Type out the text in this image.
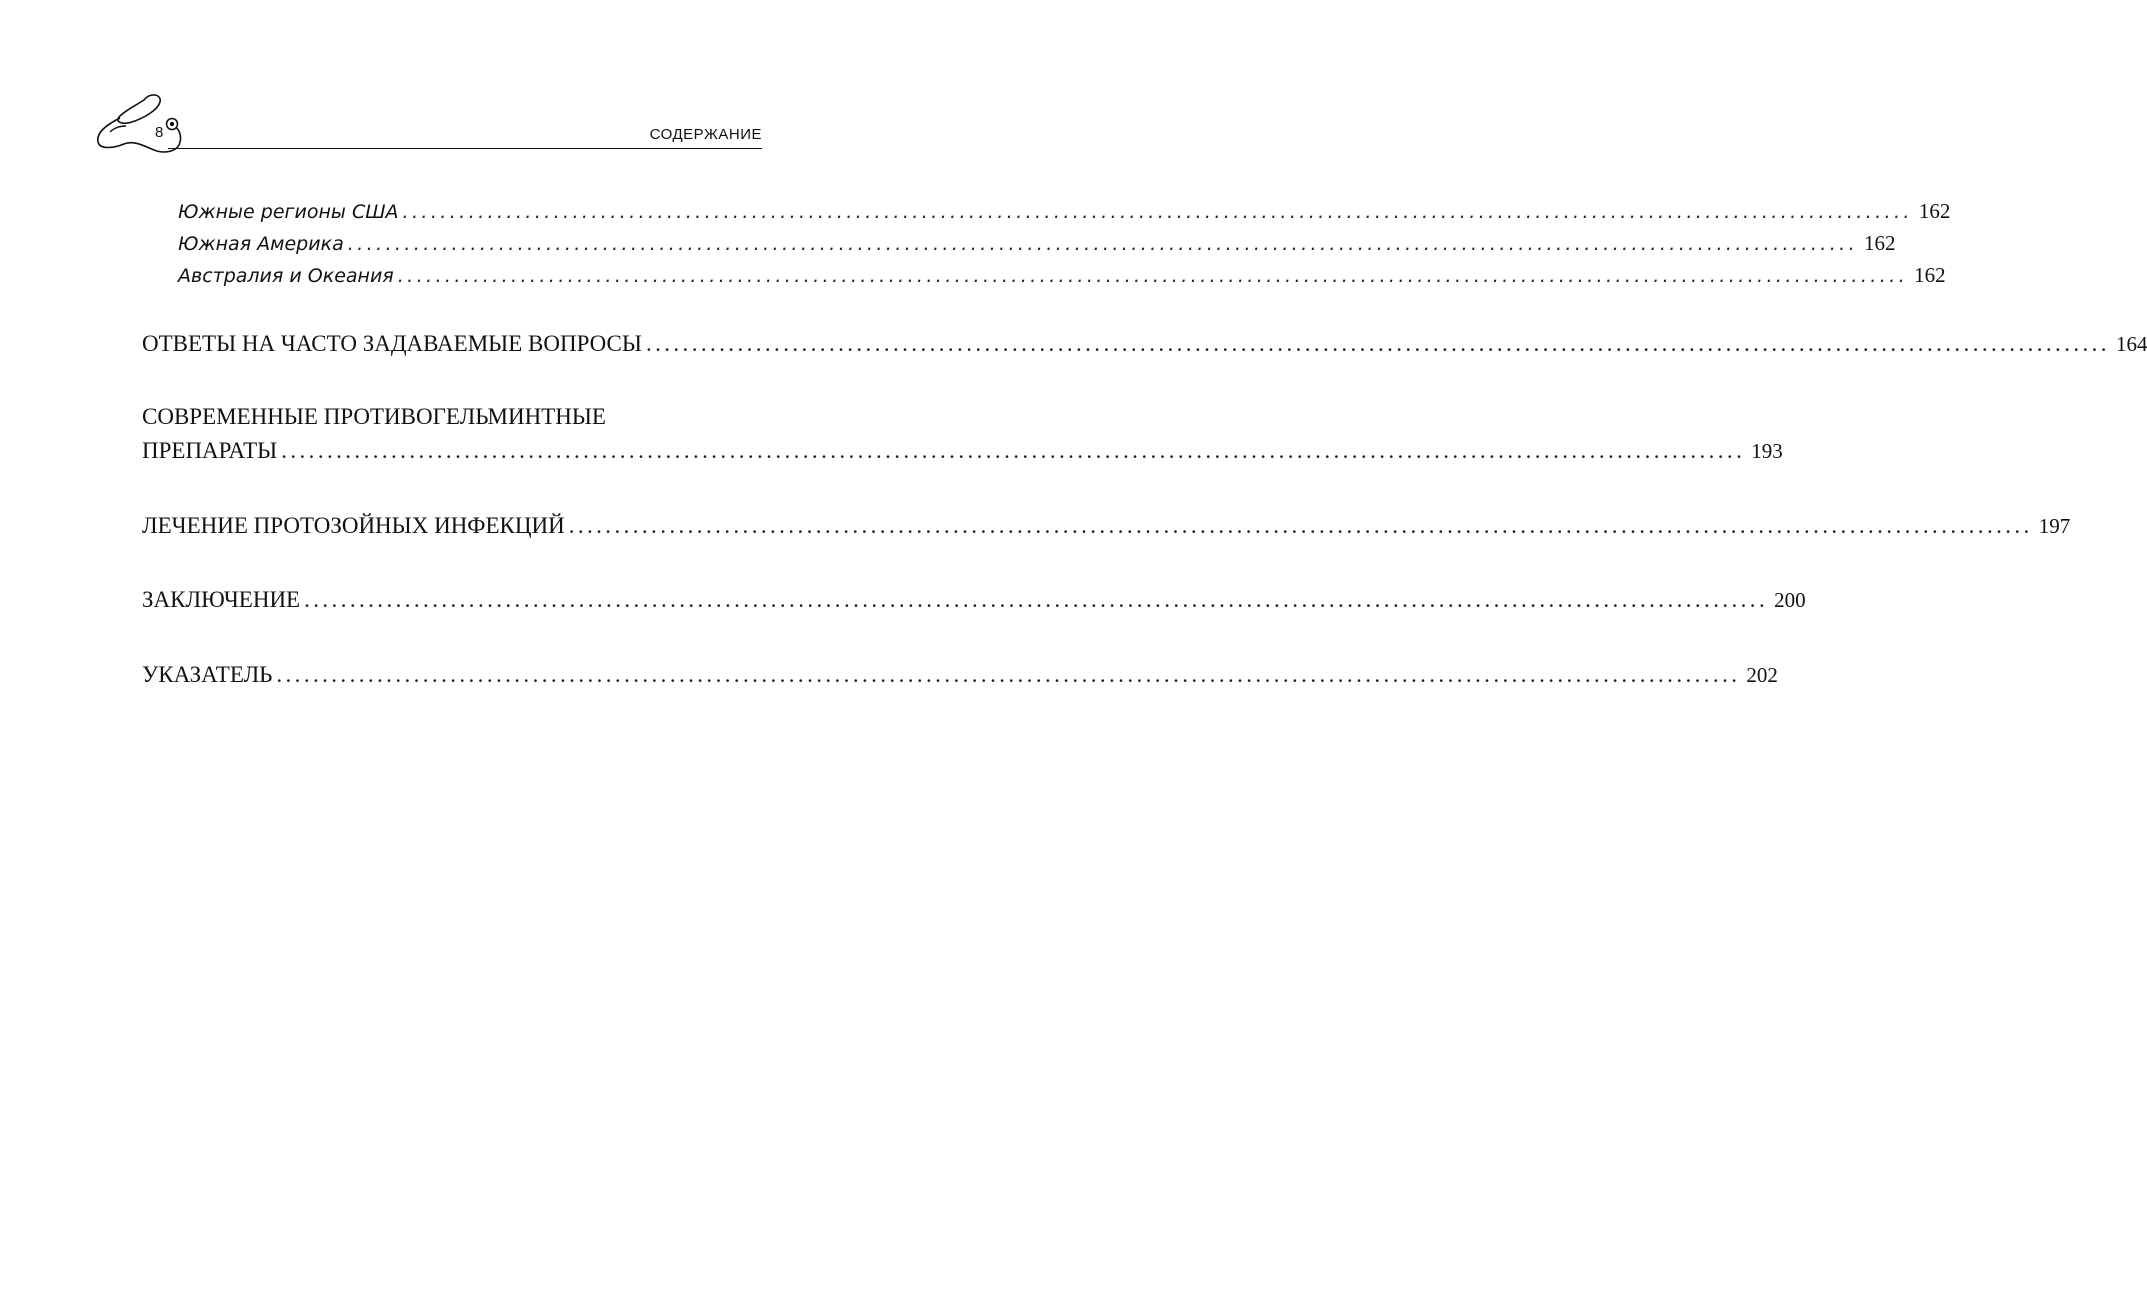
8	СОДЕРЖАНИЕ
Южные регионы США ................................................................................................................................................................ 162
Южная Америка ................................................................................................................................................................ 162
Австралия и Океания ................................................................................................................................................................ 162
ОТВЕТЫ НА ЧАСТО ЗАДАВАЕМЫЕ ВОПРОСЫ ................................................................................................................................................................ 164
СОВРЕМЕННЫЕ ПРОТИВОГЕЛЬМИНТНЫЕ
ПРЕПАРАТЫ ................................................................................................................................................................ 193
ЛЕЧЕНИЕ ПРОТОЗОЙНЫХ ИНФЕКЦИЙ ................................................................................................................................................................ 197
ЗАКЛЮЧЕНИЕ ................................................................................................................................................................ 200
УКАЗАТЕЛЬ ................................................................................................................................................................ 202
